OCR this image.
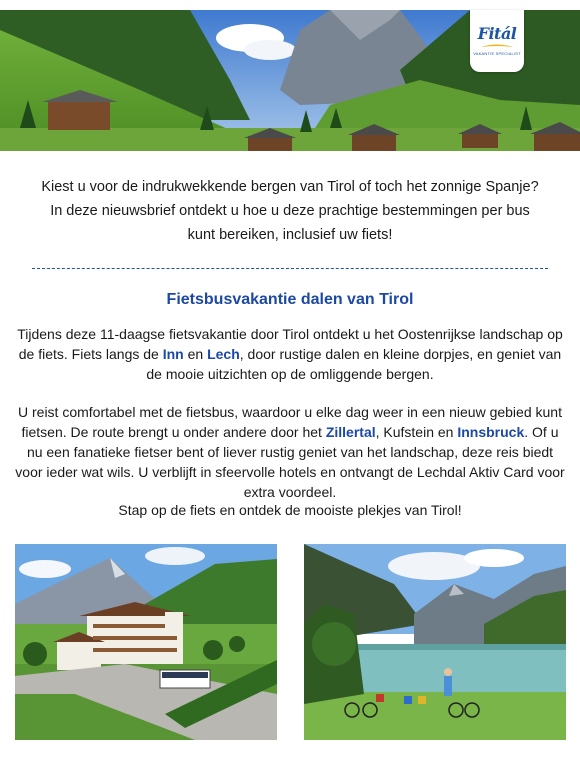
Fitál
VAKANTIE SPECIALIST

Kiest u voor de indrukwekkende bergen van Tirol of toch het zonnige Spanje? In deze nieuwsbrief ontdekt u hoe u deze prachtige bestemmingen per bus kunt bereiken, inclusief uw fiets!

Fietsbusvakantie dalen van Tirol

Tijdens deze 11-daagse fietsvakantie door Tirol ontdekt u het Oostenrijkse landschap op de fiets. Fiets langs de Inn en Lech, door rustige dalen en kleine dorpjes, en geniet van de mooie uitzichten op de omliggende bergen.

U reist comfortabel met de fietsbus, waardoor u elke dag weer in een nieuw gebied kunt fietsen. De route brengt u onder andere door het Zillertal, Kufstein en Innsbruck. Of u nu een fanatieke fietser bent of liever rustig geniet van het landschap, deze reis biedt voor ieder wat wils. U verblijft in sfeervolle hotels en ontvangt de Lechdal Aktiv Card voor extra voordeel.

Stap op de fiets en ontdek de mooiste plekjes van Tirol!
